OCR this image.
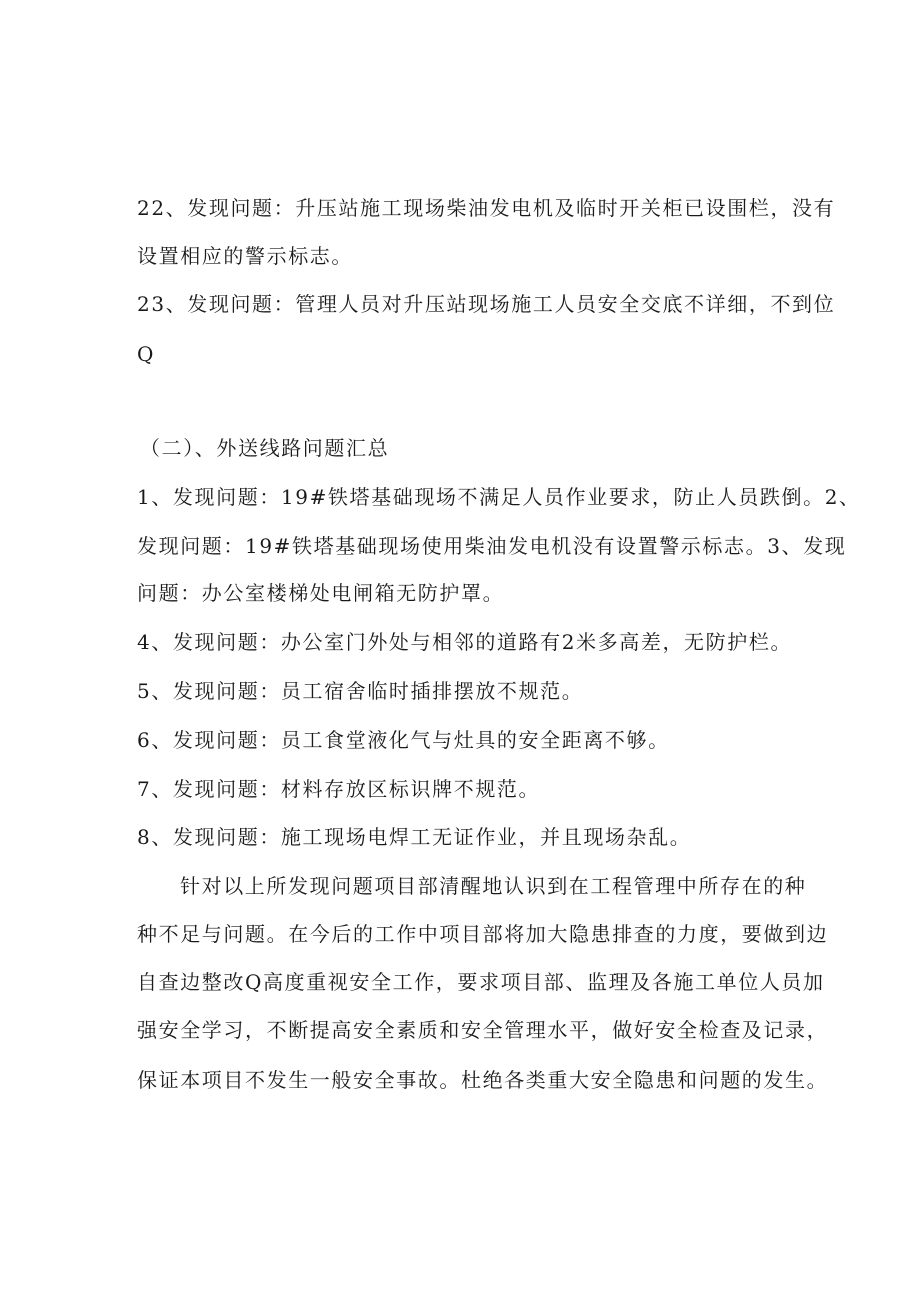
22、发现问题：升压站施工现场柴油发电机及临时开关柜已设围栏，没有
设置相应的警示标志。
23、发现问题：管理人员对升压站现场施工人员安全交底不详细，不到位
Q
（二）、外送线路问题汇总
1、发现问题：19#铁塔基础现场不满足人员作业要求，防止人员跌倒。2、
发现问题：19#铁塔基础现场使用柴油发电机没有设置警示标志。3、发现
问题：办公室楼梯处电闸箱无防护罩。
4、发现问题：办公室门外处与相邻的道路有2米多高差，无防护栏。
5、发现问题：员工宿舍临时插排摆放不规范。
6、发现问题：员工食堂液化气与灶具的安全距离不够。
7、发现问题：材料存放区标识牌不规范。
8、发现问题：施工现场电焊工无证作业，并且现场杂乱。
针对以上所发现问题项目部清醒地认识到在工程管理中所存在的种
种不足与问题。在今后的工作中项目部将加大隐患排查的力度，要做到边
自查边整改Q高度重视安全工作，要求项目部、监理及各施工单位人员加
强安全学习，不断提高安全素质和安全管理水平，做好安全检查及记录，
保证本项目不发生一般安全事故。杜绝各类重大安全隐患和问题的发生。
